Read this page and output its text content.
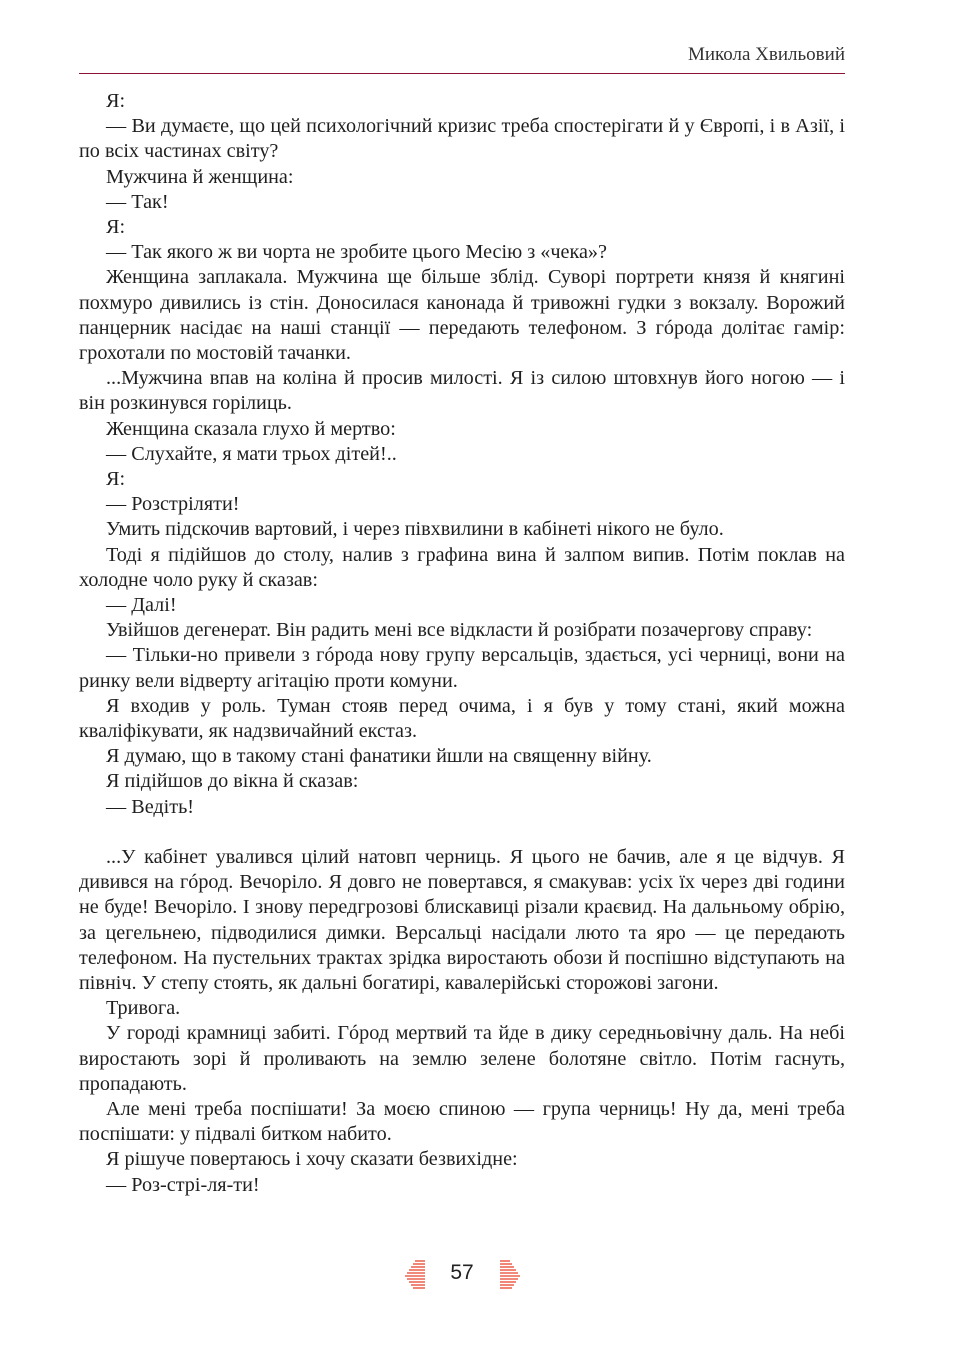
Микола Хвильовий

Я:

— Ви думаєте, що цей психологічний кризис треба спостерігати й у Європі, і в Азії, і по всіх частинах світу?

Мужчина й женщина:

— Так!

Я:

— Так якого ж ви чорта не зробите цього Месію з «чека»?

Женщина заплакала. Мужчина ще більше зблід. Суворі портрети князя й княгині похмуро дивились із стін. Доносилася канонада й тривожні гудки з вокзалу. Ворожий панцерник насідає на наші станції — передають телефоном. З гóрода долітає гамір: грохотали по мостовій тачанки.

...Мужчина впав на коліна й просив милості. Я із силою штовхнув його ногою — і він розкинувся горілиць.

Женщина сказала глухо й мертво:

— Слухайте, я мати трьох дітей!..

Я:

— Розстріляти!

Умить підскочив вартовий, і через півхвилини в кабінеті нікого не було.

Тоді я підійшов до столу, налив з графина вина й залпом випив. Потім поклав на холодне чоло руку й сказав:

— Далі!

Увійшов дегенерат. Він радить мені все відкласти й розібрати позачергову справу:

— Тільки-но привели з гóрода нову групу версальців, здається, усі черниці, вони на ринку вели відверту агітацію проти комуни.

Я входив у роль. Туман стояв перед очима, і я був у тому стані, який можна кваліфікувати, як надзвичайний екстаз.

Я думаю, що в такому стані фанатики йшли на священну війну.

Я підійшов до вікна й сказав:

— Ведіть!

...У кабінет увалився цілий натовп черниць. Я цього не бачив, але я це відчув. Я дивився на гóрод. Вечоріло. Я довго не повертався, я смакував: усіх їх через дві години не буде! Вечоріло. І знову передгрозові блискавиці різали краєвид. На дальньому обрію, за цегельнею, підводилися димки. Версальці насідали люто та яро — це передають телефоном. На пустельних трактах зрідка виростають обози й поспішно відступають на північ. У степу стоять, як дальні богатирі, кавалерійські сторожові загони.

Тривога.

У городі крамниці забиті. Гóрод мертвий та йде в дику середньовічну даль. На небі виростають зорі й проливають на землю зелене болотяне світло. Потім гаснуть, пропадають.

Але мені треба поспішати! За моєю спиною — група черниць! Ну да, мені треба поспішати: у підвалі битком набито.

Я рішуче повертаюсь і хочу сказати безвихідне:

— Роз-стрі-ля-ти!

57
